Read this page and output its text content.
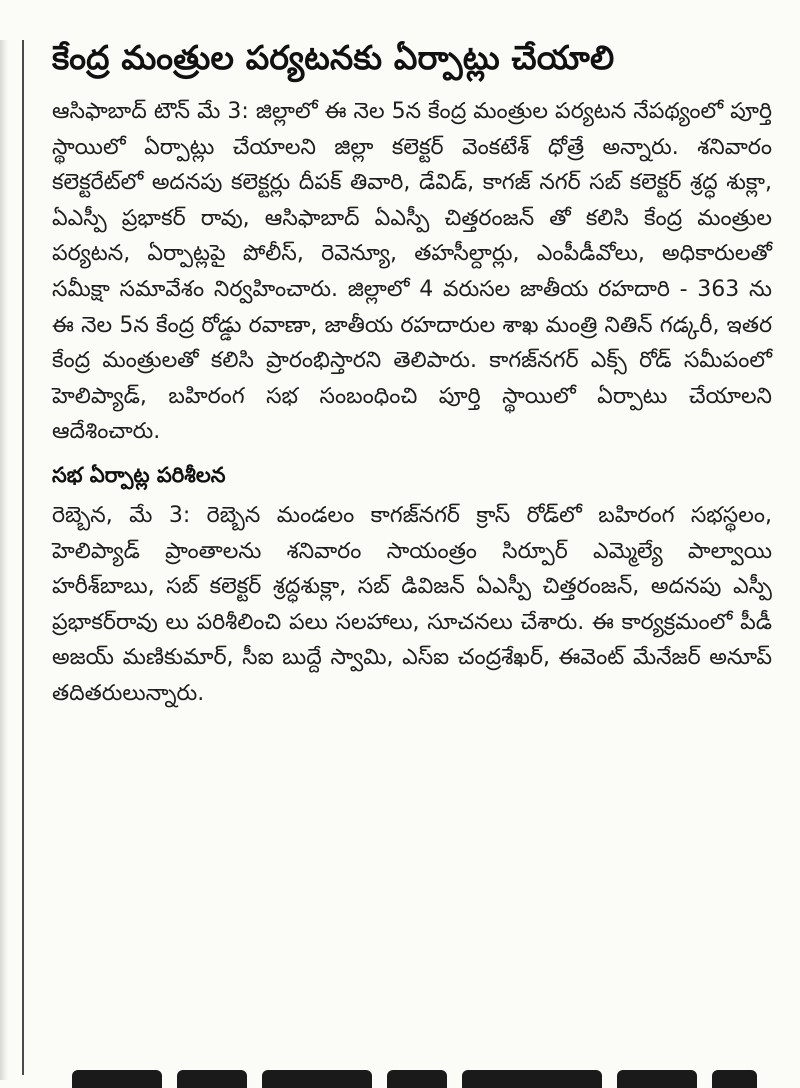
కేంద్ర మంత్రుల పర్యటనకు ఏర్పాట్లు చేయాలి

ఆసిఫాబాద్ టౌన్ మే 3: జిల్లాలో ఈ నెల 5న కేంద్ర మంత్రుల పర్యటన నేపథ్యంలో పూర్తి స్థాయిలో ఏర్పాట్లు చేయాలని జిల్లా కలెక్టర్ వెంకటేశ్ ధోత్రే అన్నారు. శనివారం కలెక్టరేట్‌లో అదనపు కలెక్టర్లు దీపక్ తివారి, డేవిడ్, కాగజ్ నగర్ సబ్ కలెక్టర్ శ్రద్ధ శుక్లా, ఏఎస్పీ ప్రభాకర్ రావు, ఆసిఫాబాద్ ఏఎస్పీ చిత్తరంజన్ తో కలిసి కేంద్ర మంత్రుల పర్యటన, ఏర్పాట్లపై పోలీస్, రెవెన్యూ, తహసీల్దార్లు, ఎంపీడీవోలు, అధికారులతో సమీక్షా సమావేశం నిర్వహించారు. జిల్లాలో 4 వరుసల జాతీయ రహదారి - 363 ను ఈ నెల 5న కేంద్ర రోడ్డు రవాణా, జాతీయ రహదారుల శాఖ మంత్రి నితిన్ గడ్కరీ, ఇతర కేంద్ర మంత్రులతో కలిసి ప్రారంభిస్తారని తెలిపారు. కాగజ్‌నగర్ ఎక్స్ రోడ్ సమీపంలో హెలిప్యాడ్, బహిరంగ సభ సంబంధించి పూర్తి స్థాయిలో ఏర్పాటు చేయాలని ఆదేశించారు.

సభ ఏర్పాట్ల పరిశీలన

రెబ్బెన, మే 3: రెబ్బెన మండలం కాగజ్‌నగర్ క్రాస్ రోడ్‌లో బహిరంగ సభస్థలం, హెలిప్యాడ్ ప్రాంతాలను శనివారం సాయంత్రం సిర్పూర్ ఎమ్మెల్యే పాల్వాయి హరీశ్‌బాబు, సబ్ కలెక్టర్ శ్రద్ధశుక్లా, సబ్ డివిజన్ ఏఎస్పీ చిత్తరంజన్, అదనపు ఎస్పీ ప్రభాకర్‌రావు లు పరిశీలించి పలు సలహాలు, సూచనలు చేశారు. ఈ కార్యక్రమంలో పీడీ అజయ్ మణికుమార్, సీఐ బుద్దే స్వామి, ఎస్ఐ చంద్రశేఖర్, ఈవెంట్ మేనేజర్ అనూప్ తదితరులున్నారు.
